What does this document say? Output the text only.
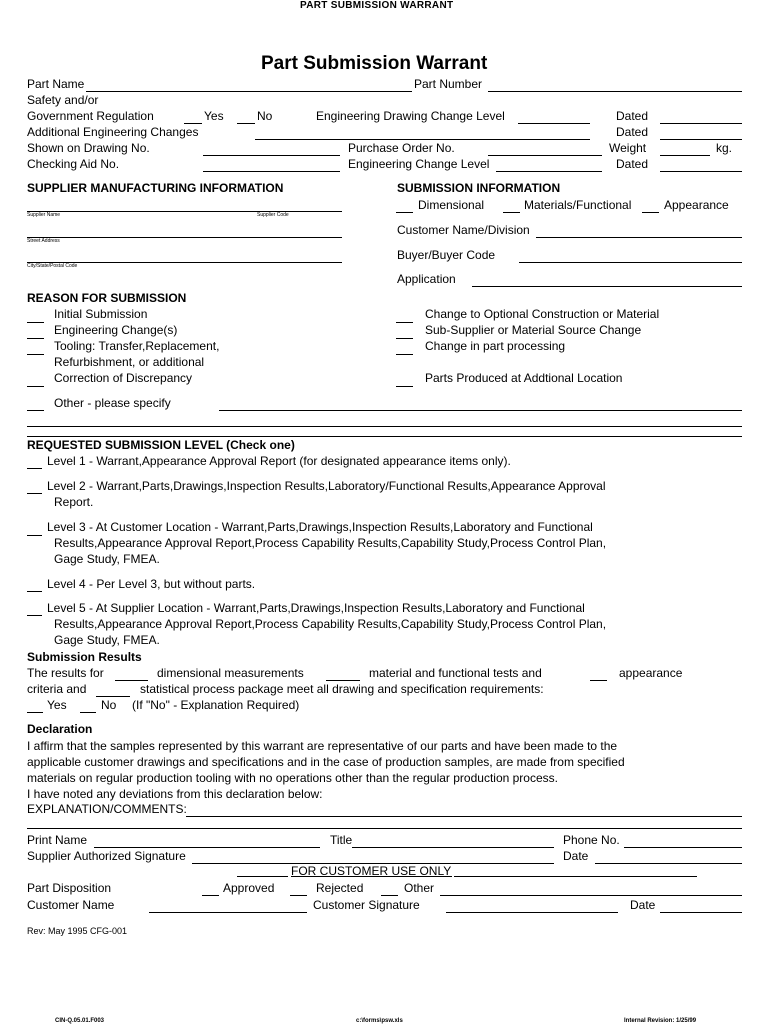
PART SUBMISSION WARRANT
Part Submission Warrant
Part Name	Part Number
Safety and/or
Government Regulation	Yes	No	Engineering Drawing Change Level	Dated
Additional Engineering Changes	Dated
Shown on Drawing No.	Purchase Order No.	Weight	kg.
Checking Aid No.	Engineering Change Level	Dated
SUPPLIER MANUFACTURING INFORMATION
Supplier Name	Supplier Code
Street Address
City/State/Postal Code
SUBMISSION INFORMATION
Dimensional	Materials/Functional	Appearance
Customer Name/Division
Buyer/Buyer Code
Application
REASON FOR SUBMISSION
Initial Submission
Engineering Change(s)
Tooling: Transfer,Replacement,
Refurbishment, or additional
Correction of Discrepancy
Other - please specify
Change to Optional Construction or Material
Sub-Supplier or Material Source Change
Change in part processing
Parts Produced at Addtional Location
REQUESTED SUBMISSION LEVEL (Check one)
Level 1 - Warrant,Appearance Approval Report (for designated appearance items only).
Level 2 - Warrant,Parts,Drawings,Inspection Results,Laboratory/Functional Results,Appearance Approval
Report.
Level 3 - At Customer Location - Warrant,Parts,Drawings,Inspection Results,Laboratory and Functional
Results,Appearance Approval Report,Process Capability Results,Capability Study,Process Control Plan,
Gage Study, FMEA.
Level 4 - Per Level 3, but without parts.
Level 5 - At Supplier Location - Warrant,Parts,Drawings,Inspection Results,Laboratory and Functional
Results,Appearance Approval Report,Process Capability Results,Capability Study,Process Control Plan,
Gage Study, FMEA.
Submission Results
The results for	dimensional measurements	material and functional tests and	appearance
criteria and	statistical process package meet all drawing and specification requirements:
Yes	No (If "No" - Explanation Required)
Declaration
I affirm that the samples represented by this warrant are representative of our parts and have been made to the
applicable customer drawings and specifications and in the case of production samples, are made from specified
materials on regular production tooling with no operations other than the regular production process.
I have noted any deviations from this declaration below:
EXPLANATION/COMMENTS:
Print Name	Title	Phone No.
Supplier Authorized Signature	Date
FOR CUSTOMER USE ONLY
Part Disposition	Approved	Rejected	Other
Customer Name	Customer Signature	Date
Rev: May 1995 CFG-001
CIN-Q.05.01.F003	c:\forms\psw.xls	Internal Revision: 1/25/99
